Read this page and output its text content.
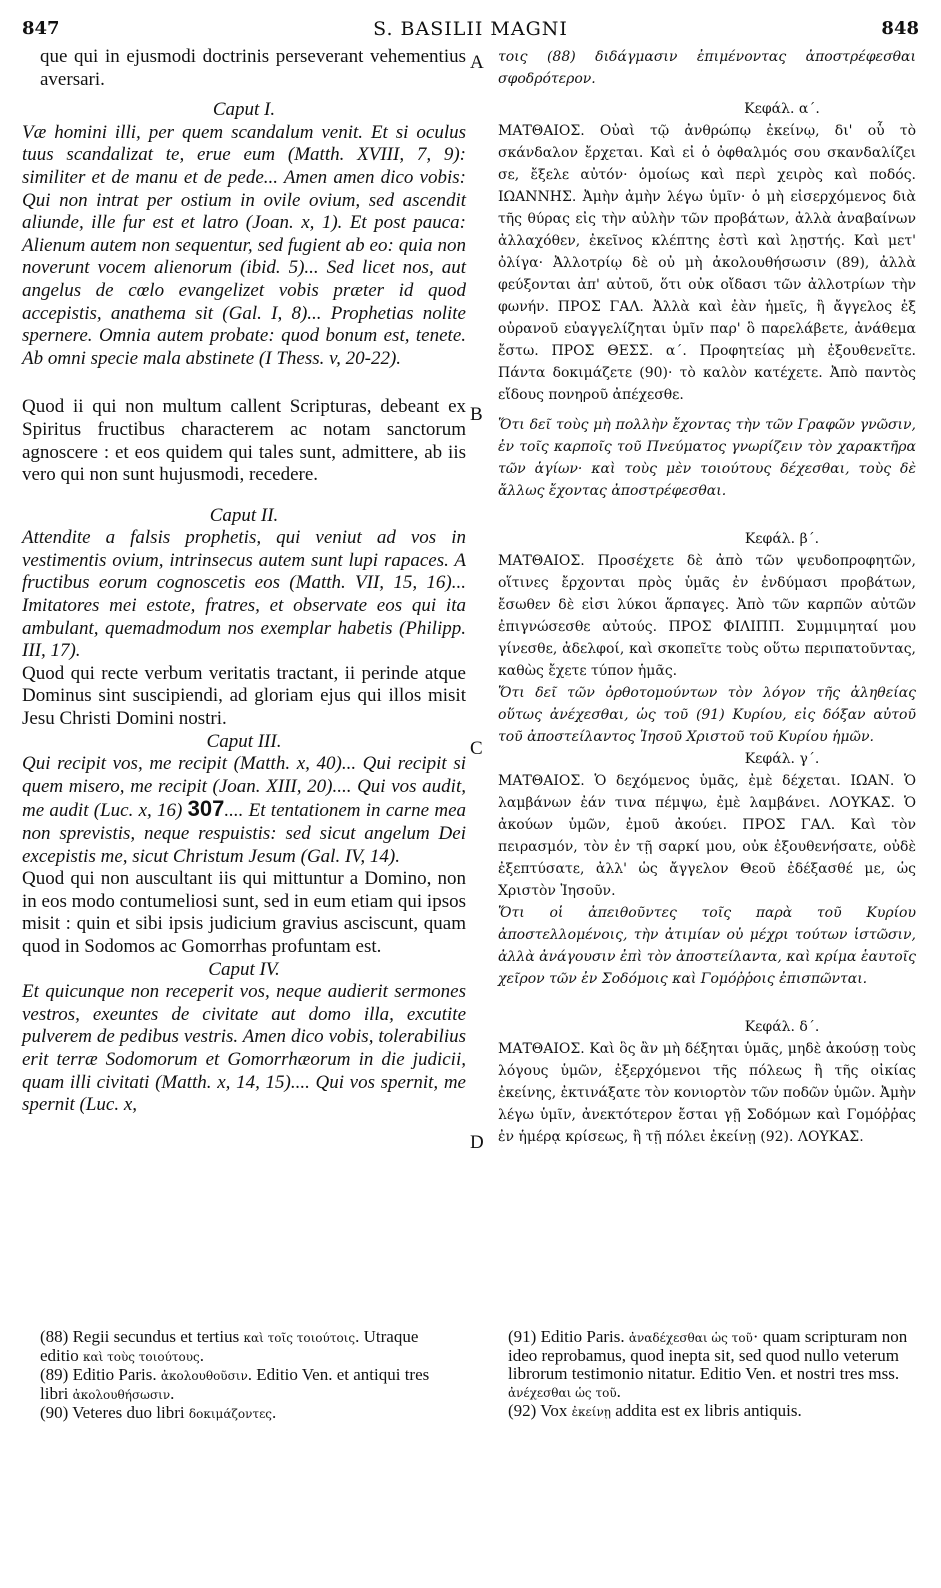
847	S. BASILII MAGNI	848
A
B
C
D

que qui in ejusmodi doctrinis perseverant vehementius aversari.

Caput I.

Væ homini illi, per quem scandalum venit. Et si oculus tuus scandalizat te, erue eum (Matth. XVIII, 7, 9): similiter et de manu et de pede... Amen amen dico vobis: Qui non intrat per ostium in ovile ovium, sed ascendit aliunde, ille fur est et latro (Joan. x, 1). Et post pauca: Alienum autem non sequentur, sed fugient ab eo: quia non noverunt vocem alienorum (ibid. 5)... Sed licet nos, aut angelus de cœlo evangelizet vobis præter id quod accepistis, anathema sit (Gal. I, 8)... Prophetias nolite spernere. Omnia autem probate: quod bonum est, tenete. Ab omni specie mala abstinete (I Thess. v, 20-22).

Quod ii qui non multum callent Scripturas, debeant ex Spiritus fructibus characterem ac notam sanctorum agnoscere : et eos quidem qui tales sunt, admittere, ab iis vero qui non sunt hujusmodi, recedere.

Caput II.

Attendite a falsis prophetis, qui veniut ad vos in vestimentis ovium, intrinsecus autem sunt lupi rapaces. A fructibus eorum cognoscetis eos (Matth. VII, 15, 16)... Imitatores mei estote, fratres, et observate eos qui ita ambulant, quemadmodum nos exemplar habetis (Philipp. III, 17).

Quod qui recte verbum veritatis tractant, ii perinde atque Dominus sint suscipiendi, ad gloriam ejus qui illos misit Jesu Christi Domini nostri.

Caput III.

Qui recipit vos, me recipit (Matth. x, 40)... Qui recipit si quem misero, me recipit (Joan. XIII, 20).... Qui vos audit, me audit (Luc. x, 16) 307.... Et tentationem in carne mea non sprevistis, neque respuistis: sed sicut angelum Dei excepistis me, sicut Christum Jesum (Gal. IV, 14).

Quod qui non auscultant iis qui mittuntur a Domino, non in eos modo contumeliosi sunt, sed in eum etiam qui ipsos misit : quin et sibi ipsis judicium gravius asciscunt, quam quod in Sodomos ac Gomorrhas profuntam est.

Caput IV.

Et quicunque non receperit vos, neque audierit sermones vestros, exeuntes de civitate aut domo illa, excutite pulverem de pedibus vestris. Amen dico vobis, tolerabilius erit terræ Sodomorum et Gomorrhæorum in die judicii, quam illi civitati (Matth. x, 14, 15).... Qui vos spernit, me spernit (Luc. x,

τοις (88) διδάγμασιν ἐπιμένοντας ἀποστρέφεσθαι σφοδρότερον.

Κεφάλ. α΄.

ΜΑΤΘΑΙΟΣ. Οὐαὶ τῷ ἀνθρώπῳ ἐκείνῳ, δι' οὗ τὸ σκάνδαλον ἔρχεται. Καὶ εἰ ὁ ὀφθαλμός σου σκανδαλίζει σε, ἔξελε αὐτόν· ὁμοίως καὶ περὶ χειρὸς καὶ ποδός. ΙΩΑΝΝΗΣ. Ἀμὴν ἀμὴν λέγω ὑμῖν· ὁ μὴ εἰσερχόμενος διὰ τῆς θύρας εἰς τὴν αὐλὴν τῶν προβάτων, ἀλλὰ ἀναβαίνων ἀλλαχόθεν, ἐκεῖνος κλέπτης ἐστὶ καὶ λῃστής. Καὶ μετ' ὀλίγα· Ἀλλοτρίῳ δὲ οὐ μὴ ἀκολουθήσωσιν (89), ἀλλὰ φεύξονται ἀπ' αὐτοῦ, ὅτι οὐκ οἴδασι τῶν ἀλλοτρίων τὴν φωνήν. ΠΡΟΣ ΓΑΛ. Ἀλλὰ καὶ ἐὰν ἡμεῖς, ἢ ἄγγελος ἐξ οὐρανοῦ εὐαγγελίζηται ὑμῖν παρ' ὃ παρελάβετε, ἀνάθεμα ἔστω. ΠΡΟΣ ΘΕΣΣ. α΄. Προφητείας μὴ ἐξουθενεῖτε. Πάντα δοκιμάζετε (90)· τὸ καλὸν κατέχετε. Ἀπὸ παντὸς εἴδους πονηροῦ ἀπέχεσθε.

Ὅτι δεῖ τοὺς μὴ πολλὴν ἔχοντας τὴν τῶν Γραφῶν γνῶσιν, ἐν τοῖς καρποῖς τοῦ Πνεύματος γνωρίζειν τὸν χαρακτῆρα τῶν ἁγίων· καὶ τοὺς μὲν τοιούτους δέχεσθαι, τοὺς δὲ ἄλλως ἔχοντας ἀποστρέφεσθαι.

Κεφάλ. β΄.

ΜΑΤΘΑΙΟΣ. Προσέχετε δὲ ἀπὸ τῶν ψευδοπροφητῶν, οἵτινες ἔρχονται πρὸς ὑμᾶς ἐν ἐνδύμασι προβάτων, ἔσωθεν δὲ εἰσι λύκοι ἅρπαγες. Ἀπὸ τῶν καρπῶν αὐτῶν ἐπιγνώσεσθε αὐτούς. ΠΡΟΣ ΦΙΛΙΠΠ. Συμμιμηταί μου γίνεσθε, ἀδελφοί, καὶ σκοπεῖτε τοὺς οὕτω περιπατοῦντας, καθὼς ἔχετε τύπον ἡμᾶς.

Ὅτι δεῖ τῶν ὀρθοτομούντων τὸν λόγον τῆς ἀληθείας οὕτως ἀνέχεσθαι, ὡς τοῦ (91) Κυρίου, εἰς δόξαν αὐτοῦ τοῦ ἀποστείλαντος Ἰησοῦ Χριστοῦ τοῦ Κυρίου ἡμῶν.

Κεφάλ. γ΄.

ΜΑΤΘΑΙΟΣ. Ὁ δεχόμενος ὑμᾶς, ἐμὲ δέχεται. ΙΩΑΝ. Ὁ λαμβάνων ἐάν τινα πέμψω, ἐμὲ λαμβάνει. ΛΟΥΚΑΣ. Ὁ ἀκούων ὑμῶν, ἐμοῦ ἀκούει. ΠΡΟΣ ΓΑΛ. Καὶ τὸν πειρασμόν, τὸν ἐν τῇ σαρκί μου, οὐκ ἐξουθενήσατε, οὐδὲ ἐξεπτύσατε, ἀλλ' ὡς ἄγγελον Θεοῦ ἐδέξασθέ με, ὡς Χριστὸν Ἰησοῦν.

Ὅτι οἱ ἀπειθοῦντες τοῖς παρὰ τοῦ Κυρίου ἀποστελλομένοις, τὴν ἀτιμίαν οὐ μέχρι τούτων ἱστῶσιν, ἀλλὰ ἀνάγουσιν ἐπὶ τὸν ἀποστείλαντα, καὶ κρίμα ἑαυτοῖς χεῖρον τῶν ἐν Σοδόμοις καὶ Γομόῤῥοις ἐπισπῶνται.

Κεφάλ. δ΄.

ΜΑΤΘΑΙΟΣ. Καὶ ὃς ἂν μὴ δέξηται ὑμᾶς, μηδὲ ἀκούσῃ τοὺς λόγους ὑμῶν, ἐξερχόμενοι τῆς πόλεως ἢ τῆς οἰκίας ἐκείνης, ἐκτινάξατε τὸν κονιορτὸν τῶν ποδῶν ὑμῶν. Ἀμὴν λέγω ὑμῖν, ἀνεκτότερον ἔσται γῇ Σοδόμων καὶ Γομόῤῥας ἐν ἡμέρᾳ κρίσεως, ἢ τῇ πόλει ἐκείνῃ (92). ΛΟΥΚΑΣ.

(88) Regii secundus et tertius καὶ τοῖς τοιούτοις. Utraque editio καὶ τοὺς τοιούτους.

(89) Editio Paris. ἀκολουθοῦσιν. Editio Ven. et antiqui tres libri ἀκολουθήσωσιν.

(90) Veteres duo libri δοκιμάζοντες.

(91) Editio Paris. ἀναδέχεσθαι ὡς τοῦ· quam scripturam non ideo reprobamus, quod inepta sit, sed quod nullo veterum librorum testimonio nitatur. Editio Ven. et nostri tres mss. ἀνέχεσθαι ὡς τοῦ.

(92) Vox ἐκείνῃ addita est ex libris antiquis.
